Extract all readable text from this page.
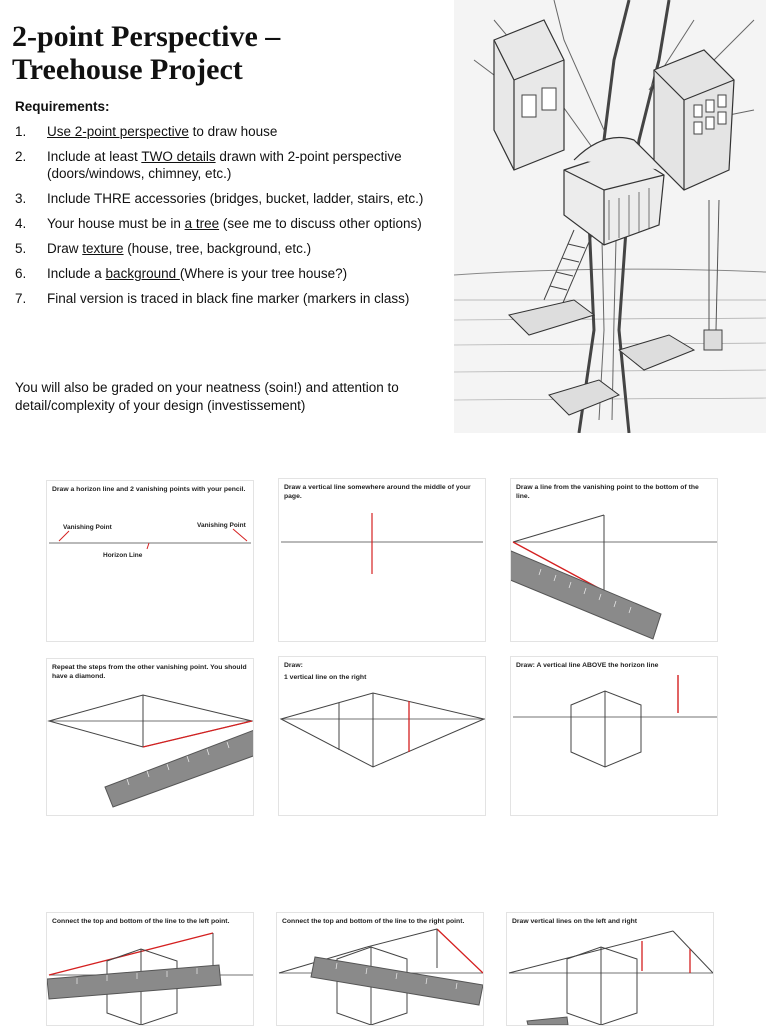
2-point Perspective –
Treehouse Project
Requirements:
1. Use 2-point perspective to draw house
2. Include at least TWO details drawn with 2-point perspective (doors/windows, chimney, etc.)
3. Include THRE accessories (bridges, bucket, ladder, stairs, etc.)
4. Your house must be in a tree (see me to discuss other options)
5. Draw texture (house, tree, background, etc.)
6. Include a background (Where is your tree house?)
7. Final version is traced in black fine marker (markers in class)
You will also be graded on your neatness (soin!) and attention to detail/complexity of your design (investissement)
Draw a horizon line and 2 vanishing points with your pencil.
Vanishing Point	Vanishing Point
Horizon Line
Draw a vertical line somewhere around the middle of your page.
Draw a line from the vanishing point to the bottom of the line.
Repeat the steps from the other vanishing point. You should have a diamond.
Draw:
1 vertical line on the right
Draw: A vertical line ABOVE the horizon line
Connect the top and bottom of the line to the left point.	Connect the top and bottom of the line to the right point.	Draw vertical lines on the left and right
